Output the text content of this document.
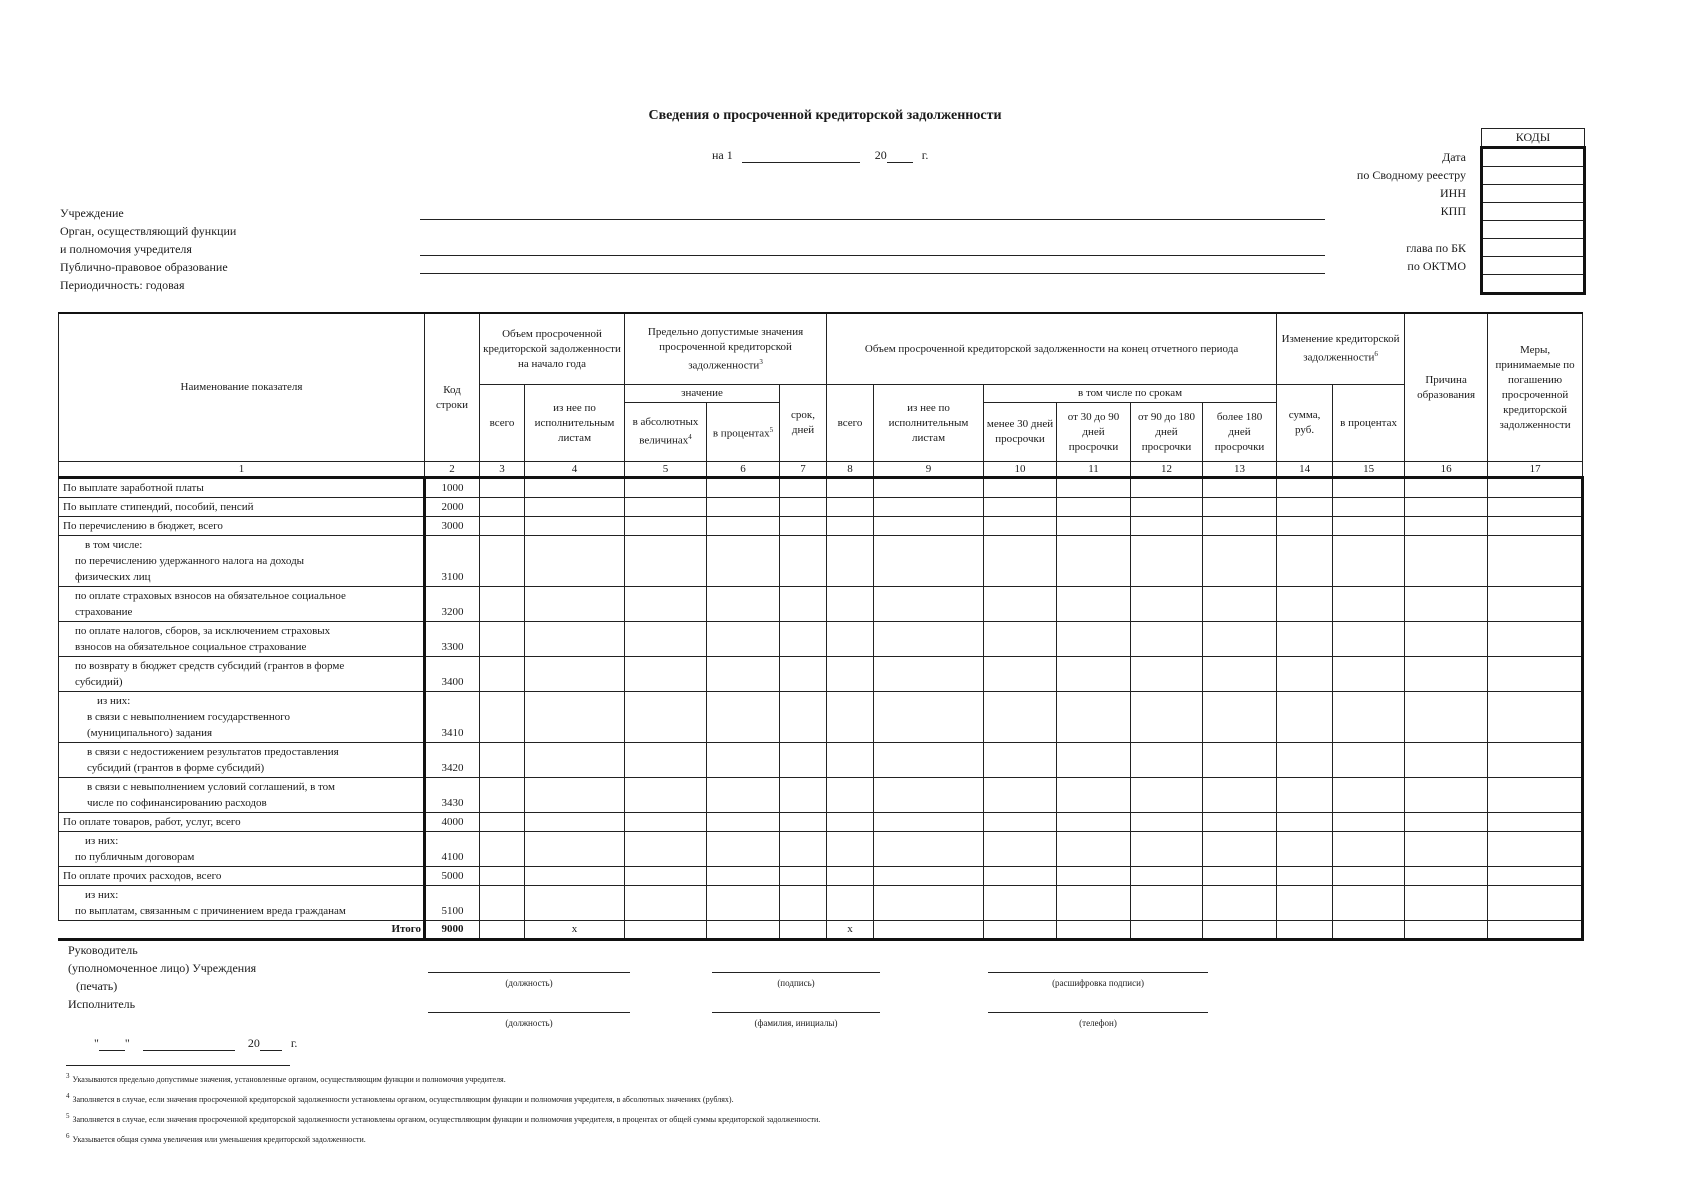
Сведения о просроченной кредиторской задолженности
на 1	20	г.
КОДЫ

Дата
по Сводному реестру
ИНН
КПП
глава по БК
по ОКТМО
Учреждение
Орган, осуществляющий функции
и полномочия учредителя
Публично-правовое образование
Периодичность: годовая
Наименование показателя	Код строки	Объем просроченной кредиторской задолженности на начало года		Предельно допустимые значения просроченной кредиторской задолженности$^3$			Объем просроченной кредиторской задолженности на конец отчетного периода						Изменение кредиторской задолженности$^6$		Причина образования	Меры, принимаемые по погашению просроченной кредиторской задолженности
		всего	из нее по исполнительным листам	значение		срок, дней	всего	из нее по исполнительным листам	в том числе по срокам				сумма, руб.	в процентах		
				в абсолютных величинах$^4$	в процентах$^5$				менее 30 дней просрочки	от 30 до 90 дней просрочки	от 90 до 180 дней просрочки	более 180 дней просрочки				
1	2	3	4	5	6	7	8	9	10	11	12	13	14	15	16	17

По выплате заработной платы	1000															

По выплате стипендий, пособий, пенсий	2000															

По перечислению в бюджет, всего	3000															

в том числе:
по перечислению удержанного налога на доходы
физических лиц	3100															

по оплате страховых взносов на обязательное социальное
страхование	3200															

по оплате налогов, сборов, за исключением страховых
взносов на обязательное социальное страхование	3300															

по возврату в бюджет средств субсидий (грантов в форме
субсидий)	3400															

из них:
в связи с невыполнением государственного
(муниципального) задания	3410															

в связи с недостижением результатов предоставления
субсидий (грантов в форме субсидий)	3420															

в связи с невыполнением условий соглашений, в том
числе по софинансированию расходов	3430															

По оплате товаров, работ, услуг, всего	4000															

из них:
по публичным договорам	4100															

По оплате прочих расходов, всего	5000															

из них:
по выплатам, связанным с причинением вреда гражданам	5100															
Итого	9000		x				x									
Руководитель
(уполномоченное лицо) Учреждения
(печать)
Исполнитель
(должность)	(подпись)	(расшифровка подписи)
(должность)	(фамилия, инициалы)	(телефон)
" "	20	г.
$^3$ Указываются предельно допустимые значения, установленные органом, осуществляющим функции и полномочия учредителя.
$^4$ Заполняется в случае, если значения просроченной кредиторской задолженности установлены органом, осуществляющим функции и полномочия учредителя, в абсолютных значениях (рублях).
$^5$ Заполняется в случае, если значения просроченной кредиторской задолженности установлены органом, осуществляющим функции и полномочия учредителя, в процентах от общей суммы кредиторской задолженности.
$^6$ Указывается общая сумма увеличения или уменьшения кредиторской задолженности.
